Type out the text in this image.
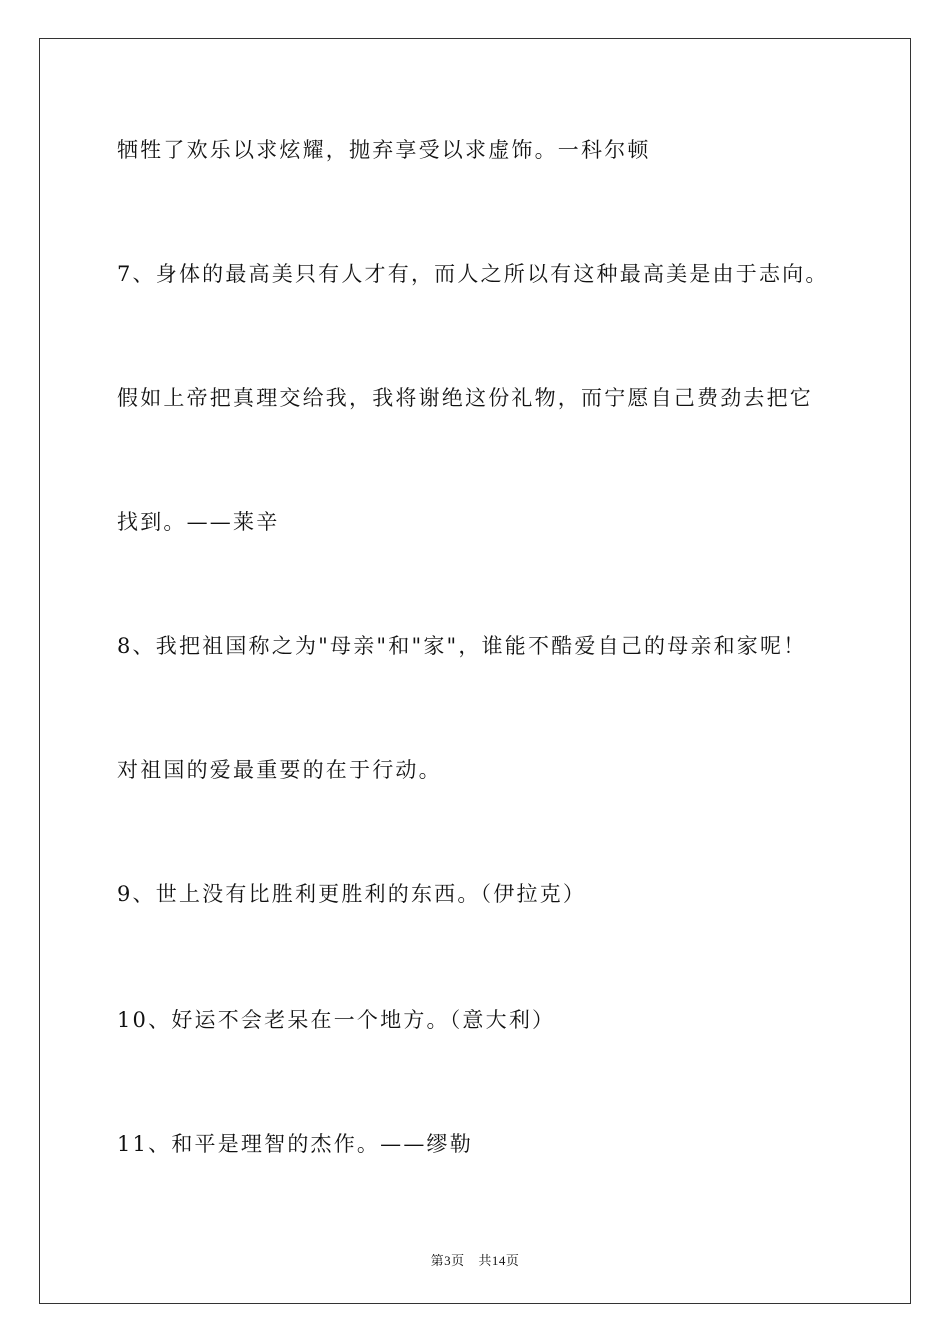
牺牲了欢乐以求炫耀，抛弃享受以求虚饰。一科尔顿
7、身体的最高美只有人才有，而人之所以有这种最高美是由于志向。
假如上帝把真理交给我，我将谢绝这份礼物，而宁愿自己费劲去把它
找到。——莱辛
8、我把祖国称之为"母亲"和"家"，谁能不酷爱自己的母亲和家呢！
对祖国的爱最重要的在于行动。
9、世上没有比胜利更胜利的东西。（伊拉克）
10、好运不会老呆在一个地方。（意大利）
11、和平是理智的杰作。——缪勒
第3页 共14页
